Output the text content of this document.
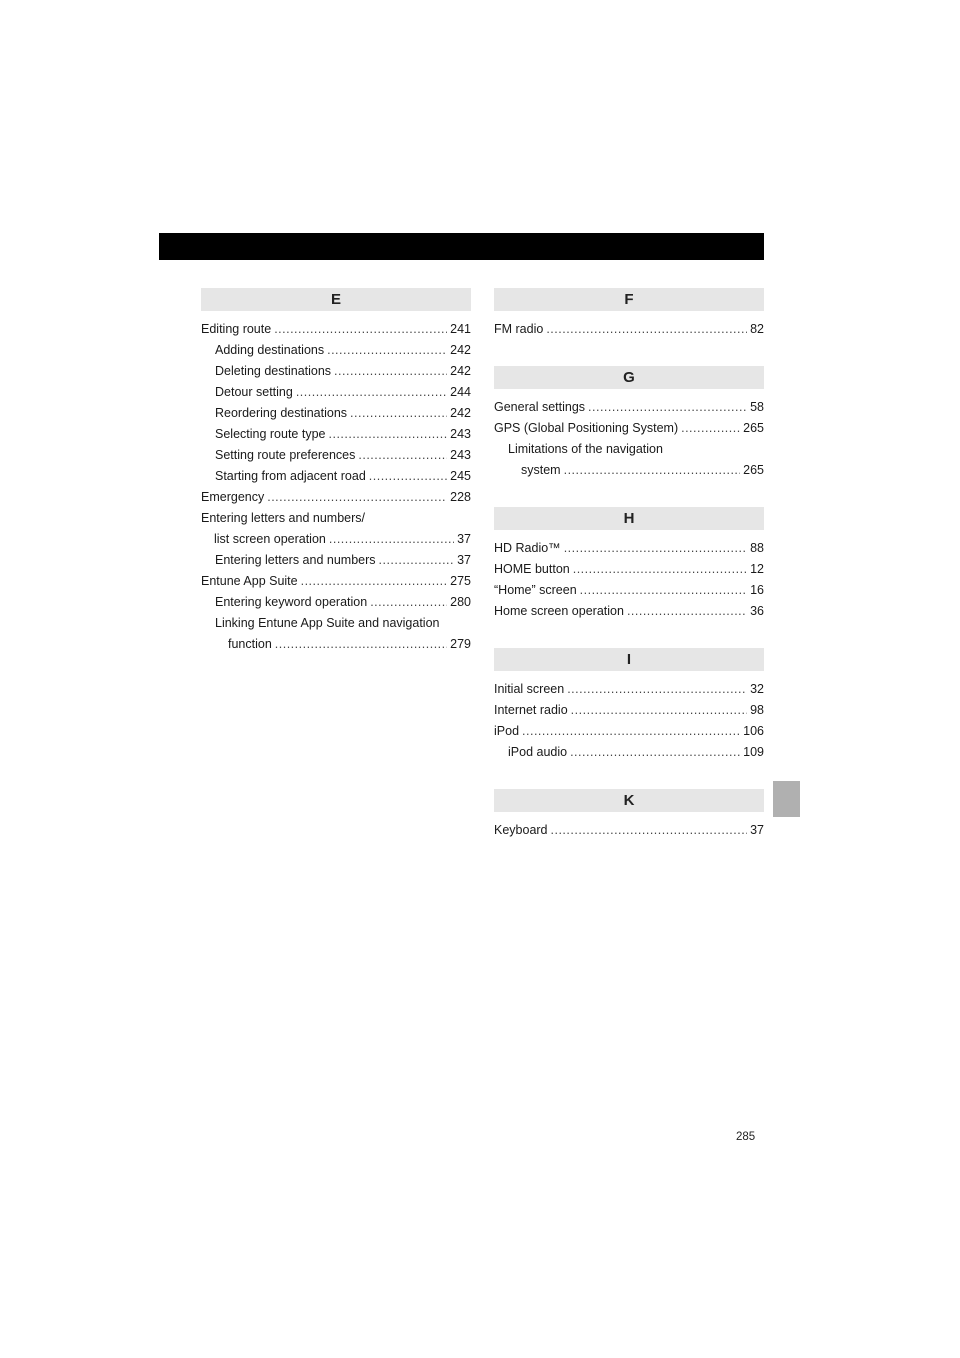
E
Editing route .....	241
Adding destinations .....	242
Deleting destinations .....	242
Detour setting .....	244
Reordering destinations .....	242
Selecting route type .....	243
Setting route preferences .....	243
Starting from adjacent road .....	245
Emergency .....	228
Entering letters and numbers/
list screen operation .....	37
Entering letters and numbers .....	37
Entune App Suite .....	275
Entering keyword operation .....	280
Linking Entune App Suite and navigation
function .....	279
F
FM radio .....	82
G
General settings .....	58
GPS (Global Positioning System) .....	265
Limitations of the navigation
system .....	265
H
HD Radio™ .....	88
HOME button .....	12
“Home” screen .....	16
Home screen operation .....	36
I
Initial screen .....	32
Internet radio .....	98
iPod .....	106
iPod audio .....	109
K
Keyboard .....	37
285
